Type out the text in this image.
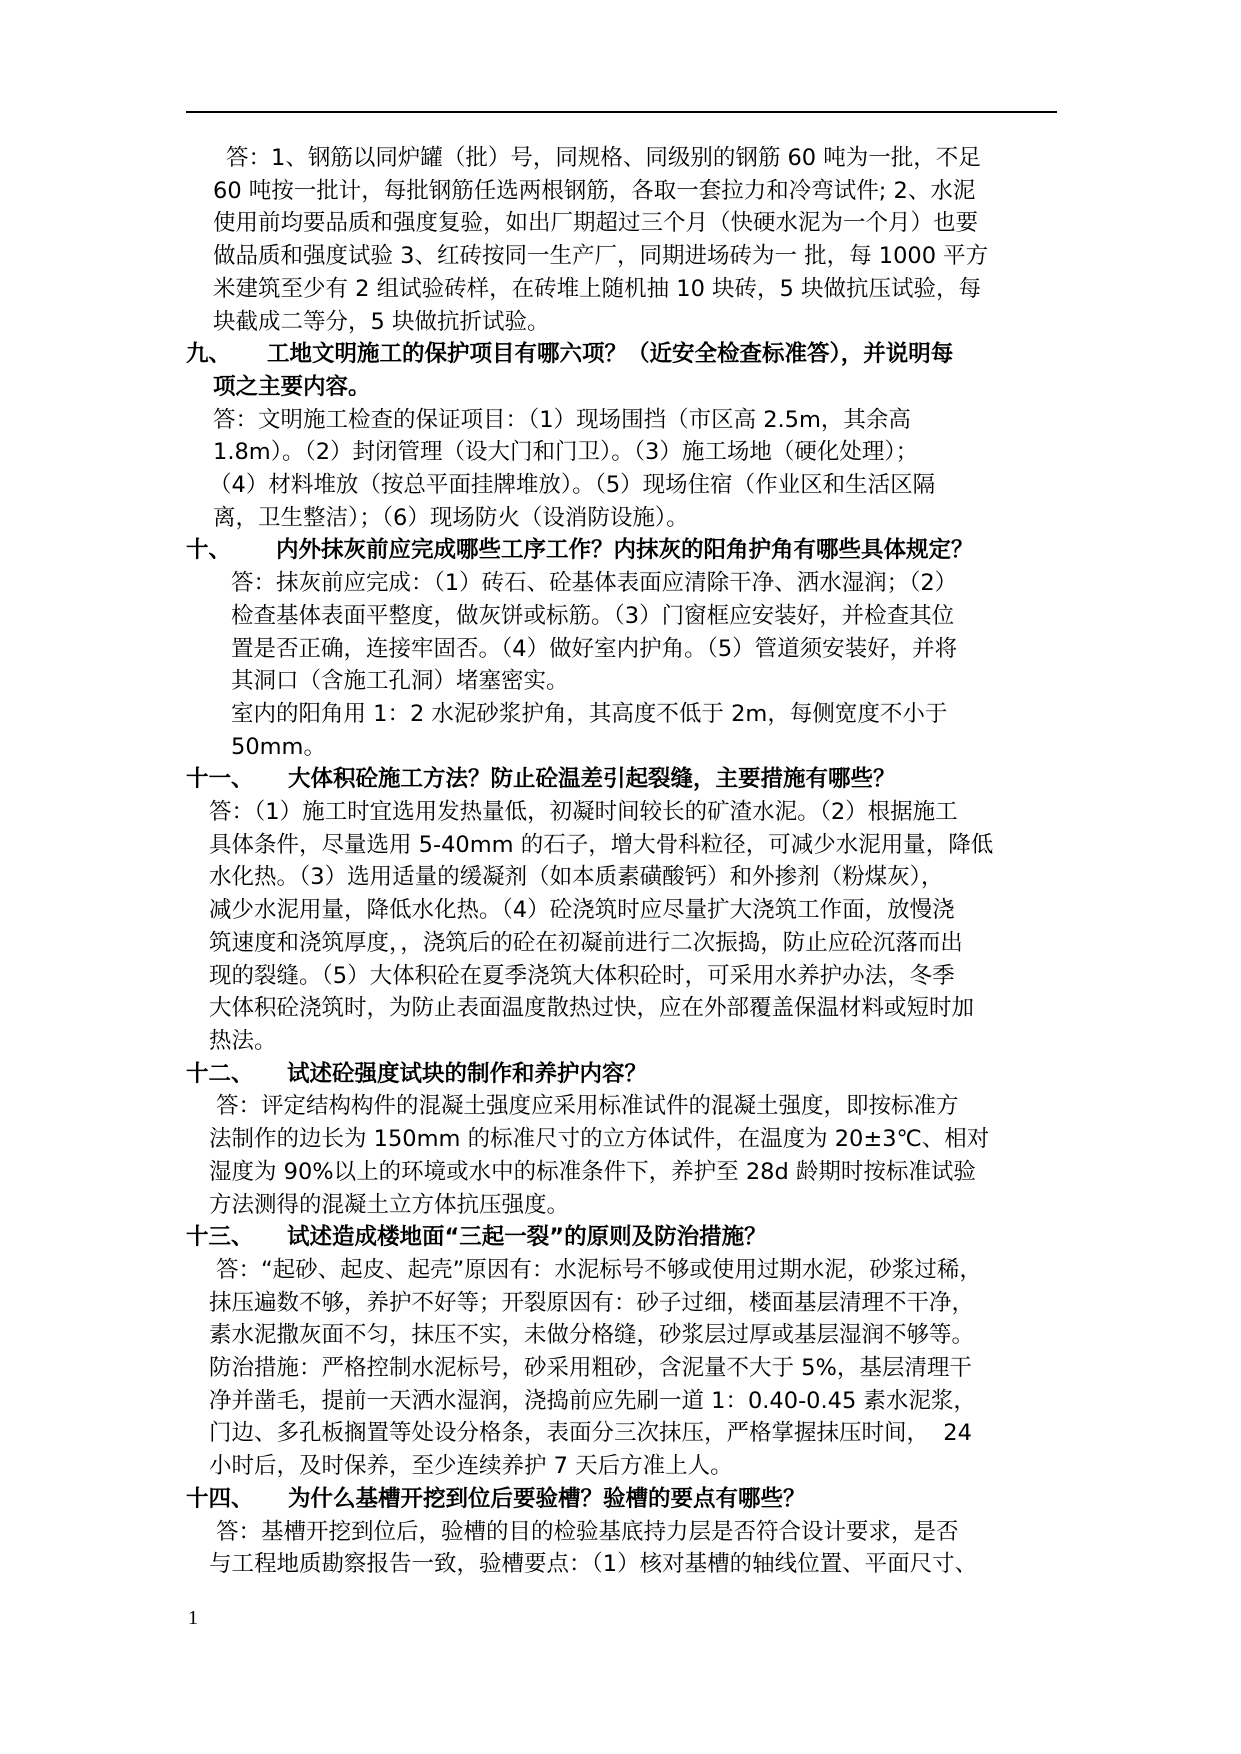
答：1、钢筋以同炉罐（批）号，同规格、同级别的钢筋 60 吨为一批，不足
60 吨按一批计，每批钢筋任选两根钢筋，各取一套拉力和冷弯试件; 2、水泥
使用前均要品质和强度复验，如出厂期超过三个月（快硬水泥为一个月）也要
做品质和强度试验 3、红砖按同一生产厂，同期进场砖为一 批，每 1000 平方
米建筑至少有 2 组试验砖样，在砖堆上随机抽 10 块砖，5 块做抗压试验，每
块截成二等分，5 块做抗折试验。
九、	工地文明施工的保护项目有哪六项？（近安全检查标准答），并说明每
项之主要内容。
答：文明施工检查的保证项目：（1）现场围挡（市区高 2.5m，其余高
1.8m）。（2）封闭管理（设大门和门卫）。（3）施工场地（硬化处理）；
（4）材料堆放（按总平面挂牌堆放）。（5）现场住宿（作业区和生活区隔
离，卫生整洁）；（6）现场防火（设消防设施）。
十、	内外抹灰前应完成哪些工序工作？内抹灰的阳角护角有哪些具体规定？
答：抹灰前应完成：（1）砖石、砼基体表面应清除干净、洒水湿润；（2）
检查基体表面平整度，做灰饼或标筋。（3）门窗框应安装好，并检查其位
置是否正确，连接牢固否。（4）做好室内护角。（5）管道须安装好，并将
其洞口（含施工孔洞）堵塞密实。
室内的阳角用 1：2 水泥砂浆护角，其高度不低于 2m，每侧宽度不小于
50mm。
十一、	大体积砼施工方法？防止砼温差引起裂缝，主要措施有哪些？
答：（1）施工时宜选用发热量低，初凝时间较长的矿渣水泥。（2）根据施工
具体条件，尽量选用 5-40mm 的石子，增大骨科粒径，可减少水泥用量，降低
水化热。（3）选用适量的缓凝剂（如本质素磺酸钙）和外掺剂（粉煤灰），
减少水泥用量，降低水化热。（4）砼浇筑时应尽量扩大浇筑工作面，放慢浇
筑速度和浇筑厚度，，浇筑后的砼在初凝前进行二次振捣，防止应砼沉落而出
现的裂缝。（5）大体积砼在夏季浇筑大体积砼时，可采用水养护办法，冬季
大体积砼浇筑时，为防止表面温度散热过快，应在外部覆盖保温材料或短时加
热法。
十二、	试述砼强度试块的制作和养护内容？
答：评定结构构件的混凝土强度应采用标准试件的混凝土强度，即按标准方
法制作的边长为 150mm 的标准尺寸的立方体试件，在温度为 20±3℃、相对
湿度为 90%以上的环境或水中的标准条件下，养护至 28d 龄期时按标准试验
方法测得的混凝土立方体抗压强度。
十三、	试述造成楼地面“三起一裂”的原则及防治措施？
答：“起砂、起皮、起壳”原因有：水泥标号不够或使用过期水泥，砂浆过稀，
抹压遍数不够，养护不好等；开裂原因有：砂子过细，楼面基层清理不干净，
素水泥撒灰面不匀，抹压不实，未做分格缝，砂浆层过厚或基层湿润不够等。
防治措施：严格控制水泥标号，砂采用粗砂，含泥量不大于 5%，基层清理干
净并凿毛，提前一天洒水湿润，浇捣前应先刷一道 1：0.40-0.45 素水泥浆，
门边、多孔板搁置等处设分格条，表面分三次抹压，严格掌握抹压时间，  24
小时后，及时保养，至少连续养护 7 天后方准上人。
十四、	为什么基槽开挖到位后要验槽？验槽的要点有哪些？
答：基槽开挖到位后，验槽的目的检验基底持力层是否符合设计要求，是否
与工程地质勘察报告一致，验槽要点：（1）核对基槽的轴线位置、平面尺寸、
1
